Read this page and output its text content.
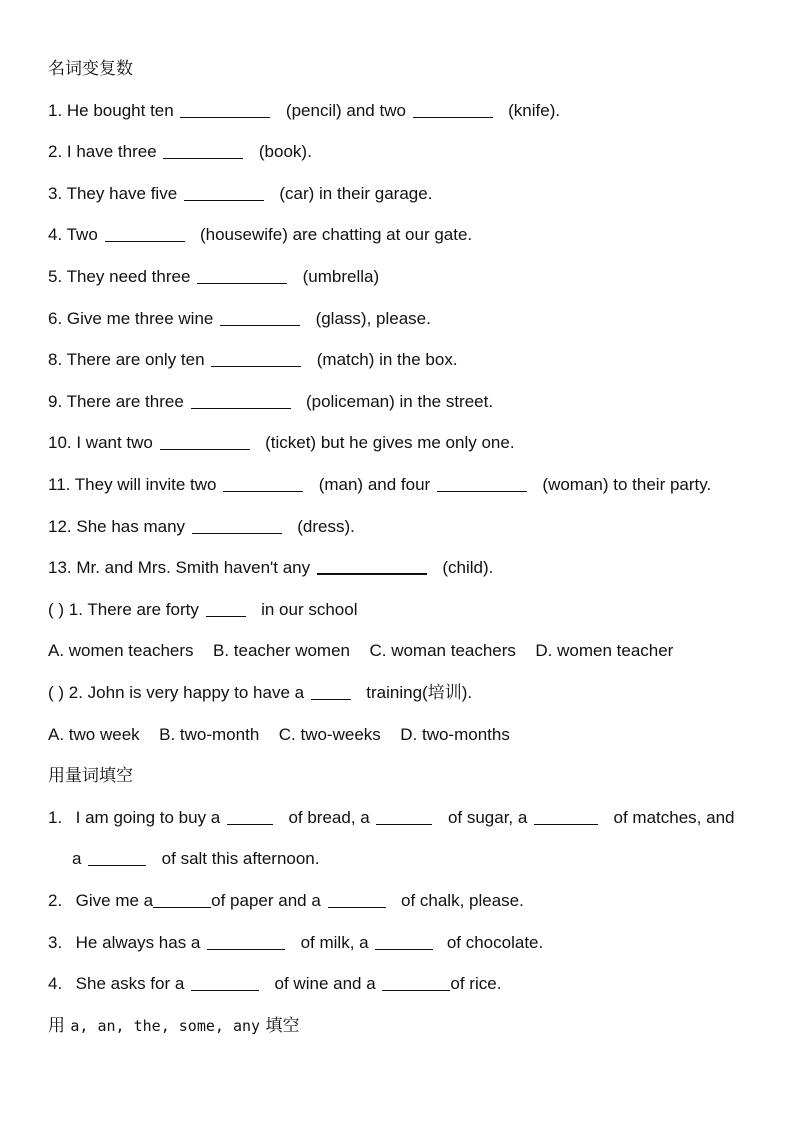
名词变复数
1. He bought ten	(pencil) and two	(knife).
2. I have three	(book).
3. They have five	(car) in their garage.
4. Two	(housewife) are chatting at our gate.
5. They need three	(umbrella)
6. Give me three wine	(glass), please.
8. There are only ten	(match) in the box.
9. There are three	(policeman) in the street.
10. I want two	(ticket) but he gives me only one.
11. They will invite two	(man) and four	(woman) to their party.
12. She has many	(dress).
13. Mr. and Mrs. Smith haven't any	(child).
( ) 1. There are forty	in our school
A. women teachers B. teacher women C. woman teachers D. women teacher
( ) 2. John is very happy to have a	training(培训).
A. two week B. two-month C. two-weeks D. two-months
用量词填空
1. I am going to buy a	of bread, a	of sugar, a	of matches, and
a	of salt this afternoon.
2. Give me a	of paper and a	of chalk, please.
3. He always has a	of milk, a	of chocolate.
4. She asks for a	of wine and a	of rice.
用 a, an, the, some, any 填空
